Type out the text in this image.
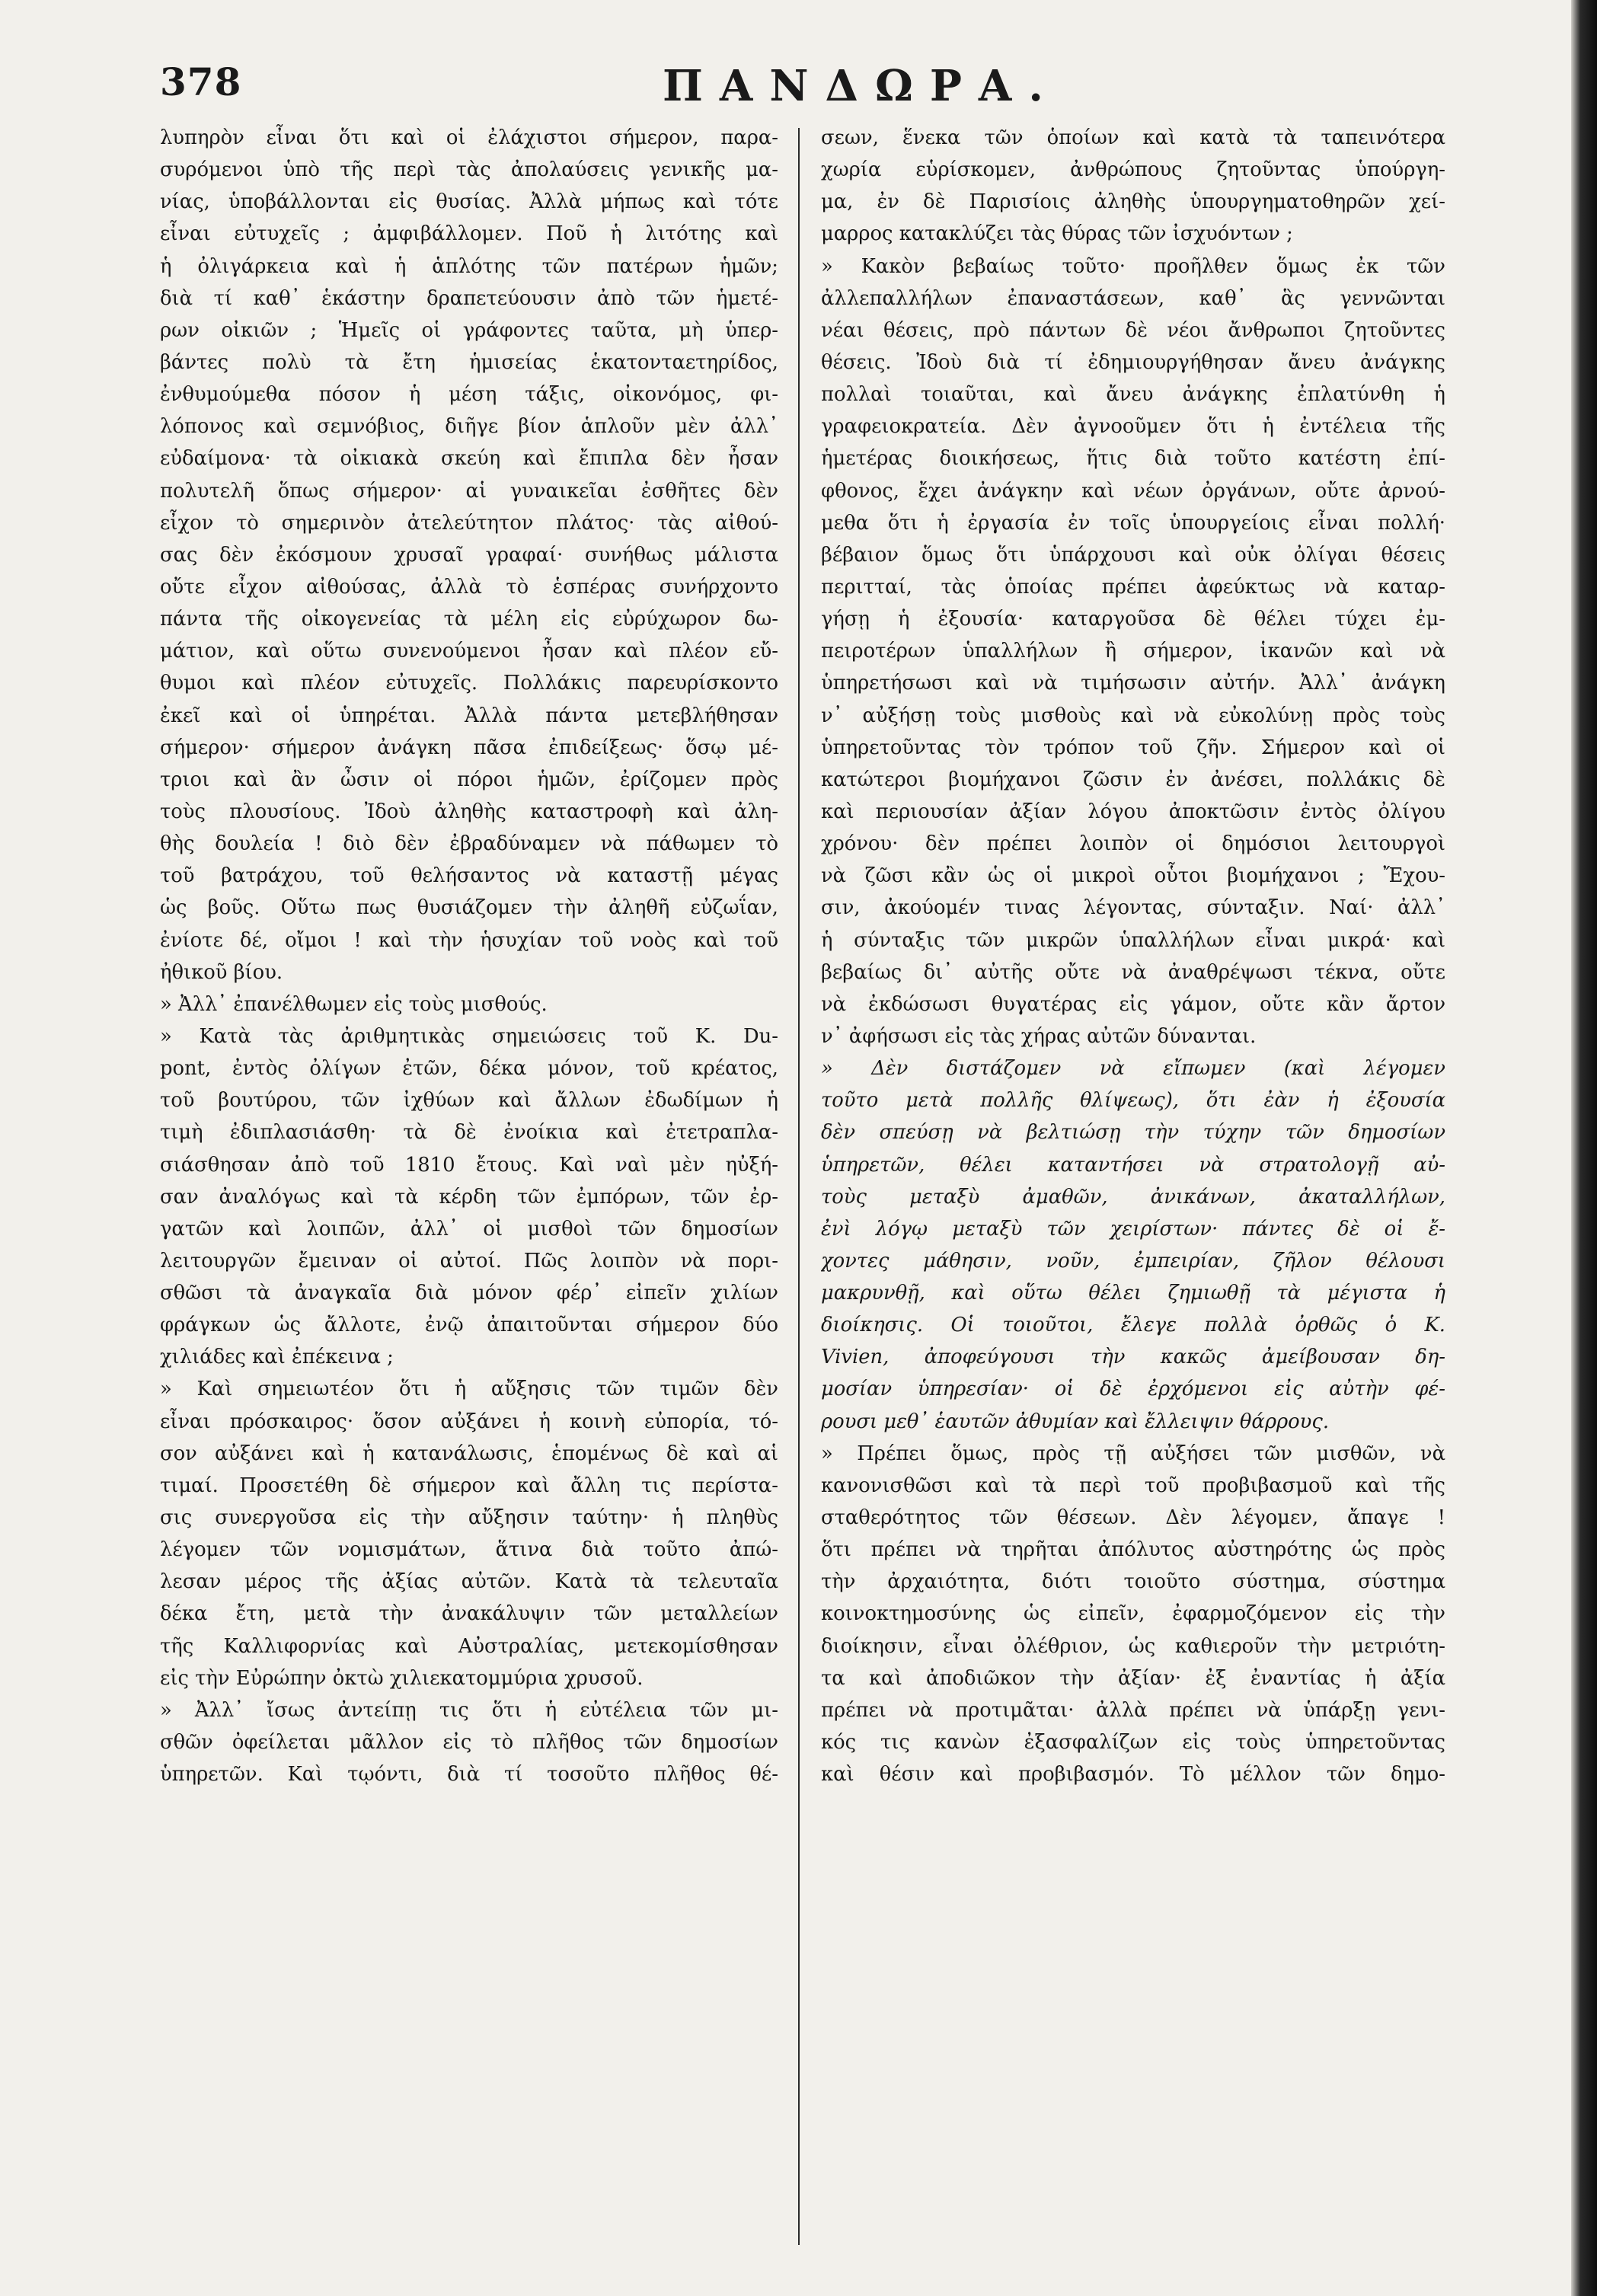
378	ΠΑΝΔΩΡΑ.
λυπηρὸν εἶναι ὅτι καὶ οἱ ἐλάχιστοι σήμερον, παρα-
συρόμενοι ὑπὸ τῆς περὶ τὰς ἀπολαύσεις γενικῆς μα-
νίας, ὑποβάλλονται εἰς θυσίας. Ἀλλὰ μήπως καὶ τότε
εἶναι εὐτυχεῖς ; ἀμφιβάλλομεν. Ποῦ ἡ λιτότης καὶ
ἡ ὀλιγάρκεια καὶ ἡ ἁπλότης τῶν πατέρων ἡμῶν;
διὰ τί καθ᾽ ἑκάστην δραπετεύουσιν ἀπὸ τῶν ἡμετέ-
ρων οἰκιῶν ; Ἡμεῖς οἱ γράφοντες ταῦτα, μὴ ὑπερ-
βάντες πολὺ τὰ ἔτη ἡμισείας ἑκατονταετηρίδος,
ἐνθυμούμεθα πόσον ἡ μέση τάξις, οἰκονόμος, φι-
λόπονος καὶ σεμνόβιος, διῆγε βίον ἁπλοῦν μὲν ἀλλ᾽
εὐδαίμονα· τὰ οἰκιακὰ σκεύη καὶ ἔπιπλα δὲν ἦσαν
πολυτελῆ ὅπως σήμερον· αἱ γυναικεῖαι ἐσθῆτες δὲν
εἶχον τὸ σημερινὸν ἀτελεύτητον πλάτος· τὰς αἰθού-
σας δὲν ἐκόσμουν χρυσαῖ γραφαί· συνήθως μάλιστα
οὔτε εἶχον αἰθούσας, ἀλλὰ τὸ ἑσπέρας συνήρχοντο
πάντα τῆς οἰκογενείας τὰ μέλη εἰς εὐρύχωρον δω-
μάτιον, καὶ οὕτω συνενούμενοι ἦσαν καὶ πλέον εὔ-
θυμοι καὶ πλέον εὐτυχεῖς. Πολλάκις παρευρίσκοντο
ἐκεῖ καὶ οἱ ὑπηρέται. Ἀλλὰ πάντα μετεβλήθησαν
σήμερον· σήμερον ἀνάγκη πᾶσα ἐπιδείξεως· ὅσῳ μέ-
τριοι καὶ ἂν ὦσιν οἱ πόροι ἡμῶν, ἐρίζομεν πρὸς
τοὺς πλουσίους. Ἰδοὺ ἀληθὴς καταστροφὴ καὶ ἀλη-
θὴς δουλεία ! διὸ δὲν ἐβραδύναμεν νὰ πάθωμεν τὸ
τοῦ βατράχου, τοῦ θελήσαντος νὰ καταστῇ μέγας
ὡς βοῦς. Οὕτω πως θυσιάζομεν τὴν ἀληθῆ εὐζωΐαν,
ἐνίοτε δέ, οἴμοι ! καὶ τὴν ἡσυχίαν τοῦ νοὸς καὶ τοῦ
ἠθικοῦ βίου.
» Ἀλλ᾽ ἐπανέλθωμεν εἰς τοὺς μισθούς.
» Κατὰ τὰς ἀριθμητικὰς σημειώσεις τοῦ Κ. Du-
pont, ἐντὸς ὀλίγων ἐτῶν, δέκα μόνον, τοῦ κρέατος,
τοῦ βουτύρου, τῶν ἰχθύων καὶ ἄλλων ἐδωδίμων ἡ
τιμὴ ἐδιπλασιάσθη· τὰ δὲ ἐνοίκια καὶ ἐτετραπλα-
σιάσθησαν ἀπὸ τοῦ 1810 ἔτους. Καὶ ναὶ μὲν ηὐξή-
σαν ἀναλόγως καὶ τὰ κέρδη τῶν ἐμπόρων, τῶν ἐρ-
γατῶν καὶ λοιπῶν, ἀλλ᾽ οἱ μισθοὶ τῶν δημοσίων
λειτουργῶν ἔμειναν οἱ αὐτοί. Πῶς λοιπὸν νὰ πορι-
σθῶσι τὰ ἀναγκαῖα διὰ μόνον φέρ᾽ εἰπεῖν χιλίων
φράγκων ὡς ἄλλοτε, ἐνῷ ἀπαιτοῦνται σήμερον δύο
χιλιάδες καὶ ἐπέκεινα ;
» Καὶ σημειωτέον ὅτι ἡ αὔξησις τῶν τιμῶν δὲν
εἶναι πρόσκαιρος· ὅσον αὐξάνει ἡ κοινὴ εὐπορία, τό-
σον αὐξάνει καὶ ἡ κατανάλωσις, ἑπομένως δὲ καὶ αἱ
τιμαί. Προσετέθη δὲ σήμερον καὶ ἄλλη τις περίστα-
σις συνεργοῦσα εἰς τὴν αὔξησιν ταύτην· ἡ πληθὺς
λέγομεν τῶν νομισμάτων, ἅτινα διὰ τοῦτο ἀπώ-
λεσαν μέρος τῆς ἀξίας αὐτῶν. Κατὰ τὰ τελευταῖα
δέκα ἔτη, μετὰ τὴν ἀνακάλυψιν τῶν μεταλλείων
τῆς Καλλιφορνίας καὶ Αὐστραλίας, μετεκομίσθησαν
εἰς τὴν Εὐρώπην ὀκτὼ χιλιεκατομμύρια χρυσοῦ.
» Ἀλλ᾽ ἴσως ἀντείπῃ τις ὅτι ἡ εὐτέλεια τῶν μι-
σθῶν ὀφείλεται μᾶλλον εἰς τὸ πλῆθος τῶν δημοσίων
ὑπηρετῶν. Καὶ τῳόντι, διὰ τί τοσοῦτο πλῆθος θέ-
σεων, ἕνεκα τῶν ὁποίων καὶ κατὰ τὰ ταπεινότερα
χωρία εὑρίσκομεν, ἀνθρώπους ζητοῦντας ὑπούργη-
μα, ἐν δὲ Παρισίοις ἀληθὴς ὑπουργηματοθηρῶν χεί-
μαρρος κατακλύζει τὰς θύρας τῶν ἰσχυόντων ;
» Κακὸν βεβαίως τοῦτο· προῆλθεν ὅμως ἐκ τῶν
ἀλλεπαλλήλων ἐπαναστάσεων, καθ᾽ ἃς γεννῶνται
νέαι θέσεις, πρὸ πάντων δὲ νέοι ἄνθρωποι ζητοῦντες
θέσεις. Ἰδοὺ διὰ τί ἐδημιουργήθησαν ἄνευ ἀνάγκης
πολλαὶ τοιαῦται, καὶ ἄνευ ἀνάγκης ἐπλατύνθη ἡ
γραφειοκρατεία. Δὲν ἀγνοοῦμεν ὅτι ἡ ἐντέλεια τῆς
ἡμετέρας διοικήσεως, ἥτις διὰ τοῦτο κατέστη ἐπί-
φθονος, ἔχει ἀνάγκην καὶ νέων ὀργάνων, οὔτε ἀρνού-
μεθα ὅτι ἡ ἐργασία ἐν τοῖς ὑπουργείοις εἶναι πολλή·
βέβαιον ὅμως ὅτι ὑπάρχουσι καὶ οὐκ ὀλίγαι θέσεις
περιτταί, τὰς ὁποίας πρέπει ἀφεύκτως νὰ καταρ-
γήσῃ ἡ ἐξουσία· καταργοῦσα δὲ θέλει τύχει ἐμ-
πειροτέρων ὑπαλλήλων ἢ σήμερον, ἱκανῶν καὶ νὰ
ὑπηρετήσωσι καὶ νὰ τιμήσωσιν αὐτήν. Ἀλλ᾽ ἀνάγκη
ν᾽ αὐξήσῃ τοὺς μισθοὺς καὶ νὰ εὐκολύνῃ πρὸς τοὺς
ὑπηρετοῦντας τὸν τρόπον τοῦ ζῆν. Σήμερον καὶ οἱ
κατώτεροι βιομήχανοι ζῶσιν ἐν ἀνέσει, πολλάκις δὲ
καὶ περιουσίαν ἀξίαν λόγου ἀποκτῶσιν ἐντὸς ὀλίγου
χρόνου· δὲν πρέπει λοιπὸν οἱ δημόσιοι λειτουργοὶ
νὰ ζῶσι κἂν ὡς οἱ μικροὶ οὗτοι βιομήχανοι ; Ἔχου-
σιν, ἀκούομέν τινας λέγοντας, σύνταξιν. Ναί· ἀλλ᾽
ἡ σύνταξις τῶν μικρῶν ὑπαλλήλων εἶναι μικρά· καὶ
βεβαίως δι᾽ αὐτῆς οὔτε νὰ ἀναθρέψωσι τέκνα, οὔτε
νὰ ἐκδώσωσι θυγατέρας εἰς γάμον, οὔτε κἂν ἄρτον
ν᾽ ἀφήσωσι εἰς τὰς χήρας αὐτῶν δύνανται.
» Δὲν διστάζομεν νὰ εἴπωμεν (καὶ λέγομεν
τοῦτο μετὰ πολλῆς θλίψεως), ὅτι ἐὰν ἡ ἐξουσία
δὲν σπεύσῃ νὰ βελτιώσῃ τὴν τύχην τῶν δημοσίων
ὑπηρετῶν, θέλει καταντήσει νὰ στρατολογῇ αὐ-
τοὺς μεταξὺ ἀμαθῶν, ἀνικάνων, ἀκαταλλήλων,
ἐνὶ λόγῳ μεταξὺ τῶν χειρίστων· πάντες δὲ οἱ ἔ-
χοντες μάθησιν, νοῦν, ἐμπειρίαν, ζῆλον θέλουσι
μακρυνθῇ, καὶ οὕτω θέλει ζημιωθῇ τὰ μέγιστα ἡ
διοίκησις. Οἱ τοιοῦτοι, ἔλεγε πολλὰ ὀρθῶς ὁ Κ.
Vivien, ἀποφεύγουσι τὴν κακῶς ἀμείβουσαν δη-
μοσίαν ὑπηρεσίαν· οἱ δὲ ἐρχόμενοι εἰς αὐτὴν φέ-
ρουσι μεθ᾽ ἑαυτῶν ἀθυμίαν καὶ ἔλλειψιν θάρρους.
» Πρέπει ὅμως, πρὸς τῇ αὐξήσει τῶν μισθῶν, νὰ
κανονισθῶσι καὶ τὰ περὶ τοῦ προβιβασμοῦ καὶ τῆς
σταθερότητος τῶν θέσεων. Δὲν λέγομεν, ἄπαγε !
ὅτι πρέπει νὰ τηρῆται ἀπόλυτος αὐστηρότης ὡς πρὸς
τὴν ἀρχαιότητα, διότι τοιοῦτο σύστημα, σύστημα
κοινοκτημοσύνης ὡς εἰπεῖν, ἐφαρμοζόμενον εἰς τὴν
διοίκησιν, εἶναι ὀλέθριον, ὡς καθιεροῦν τὴν μετριότη-
τα καὶ ἀποδιῶκον τὴν ἀξίαν· ἐξ ἐναντίας ἡ ἀξία
πρέπει νὰ προτιμᾶται· ἀλλὰ πρέπει νὰ ὑπάρξῃ γενι-
κός τις κανὼν ἐξασφαλίζων εἰς τοὺς ὑπηρετοῦντας
καὶ θέσιν καὶ προβιβασμόν. Τὸ μέλλον τῶν δημο-
